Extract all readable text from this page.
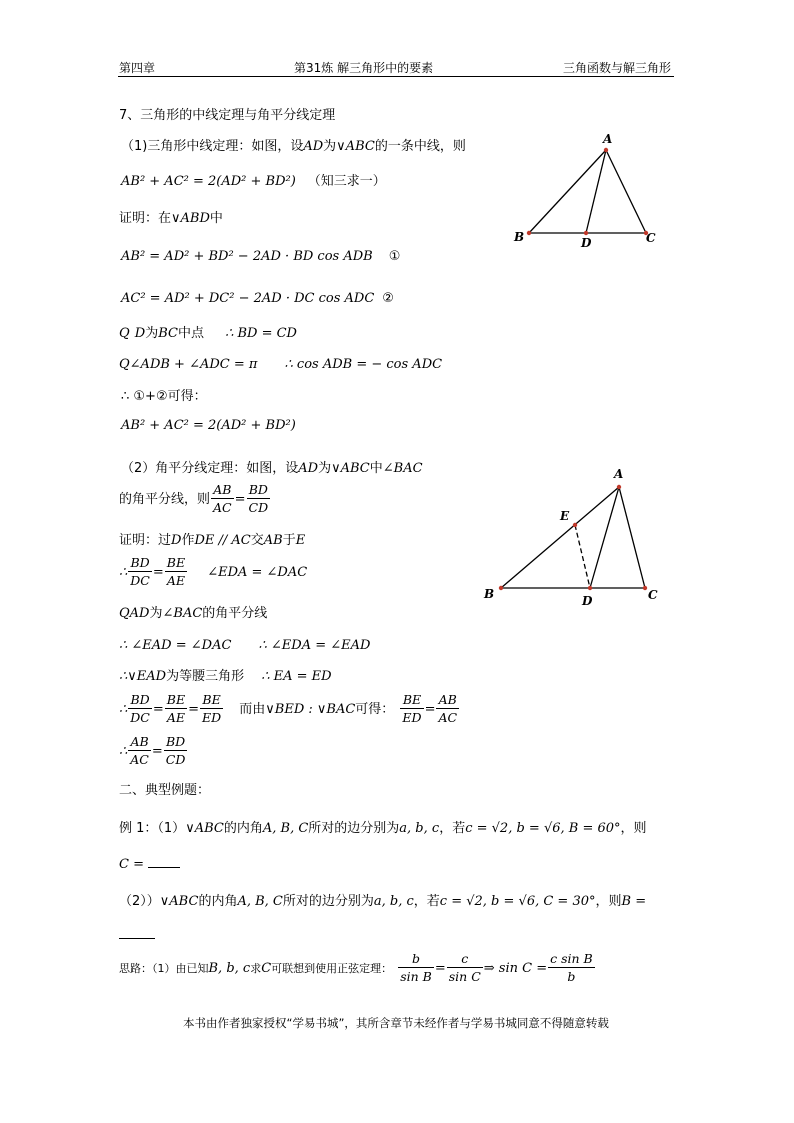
第四章	第31炼 解三角形中的要素	三角函数与解三角形
7、三角形的中线定理与角平分线定理
（1)三角形中线定理：如图，设AD为∨ABC的一条中线，则
AB² + AC² = 2(AD² + BD²) （知三求一）
证明：在∨ABD中
AB² = AD² + BD² − 2AD · BD cos ADB ①
AC² = AD² + DC² − 2AD · DC cos ADC ②
Q D为BC中点 ∴ BD = CD
Q∠ADB + ∠ADC = π ∴ cos ADB = − cos ADC
∴ ①+②可得：
AB² + AC² = 2(AD² + BD²)
A
B	C
D
（2）角平分线定理：如图，设AD为∨ABC中∠BAC
的角平分线，则 $\frac{AB}{AC} = \frac{BD}{CD}$
证明：过D作DE // AC交AB于E
∴ $\frac{BD}{DC} = \frac{BE}{AE}$ ∠EDA = ∠DAC
QAD为∠BAC的角平分线
∴ ∠EAD = ∠DAC ∴ ∠EDA = ∠EAD
∴∨EAD为等腰三角形 ∴ EA = ED
∴ $\frac{BD}{DC} = \frac{BE}{AE} = \frac{BE}{ED}$ 而由∨BED : ∨BAC可得： $\frac{BE}{ED} = \frac{AB}{AC}$
∴ $\frac{AB}{AC} = \frac{BD}{CD}$
A
B	C
D
E
二、典型例题：
例 1：（1）∨ABC的内角A, B, C所对的边分别为a, b, c，若c = √2, b = √6, B = 60°，则
C =
（2））∨ABC的内角A, B, C所对的边分别为a, b, c，若c = √2, b = √6, C = 30°，则B =
思路：（1）由已知B, b, c求C可联想到使用正弦定理： $\frac{b}{\text{sin B}} = \frac{c}{\text{sin C}}$ ⇒ $\sin C = \frac{\text{c sin B}}{b}$
本书由作者独家授权“学易书城”，其所含章节未经作者与学易书城同意不得随意转载
